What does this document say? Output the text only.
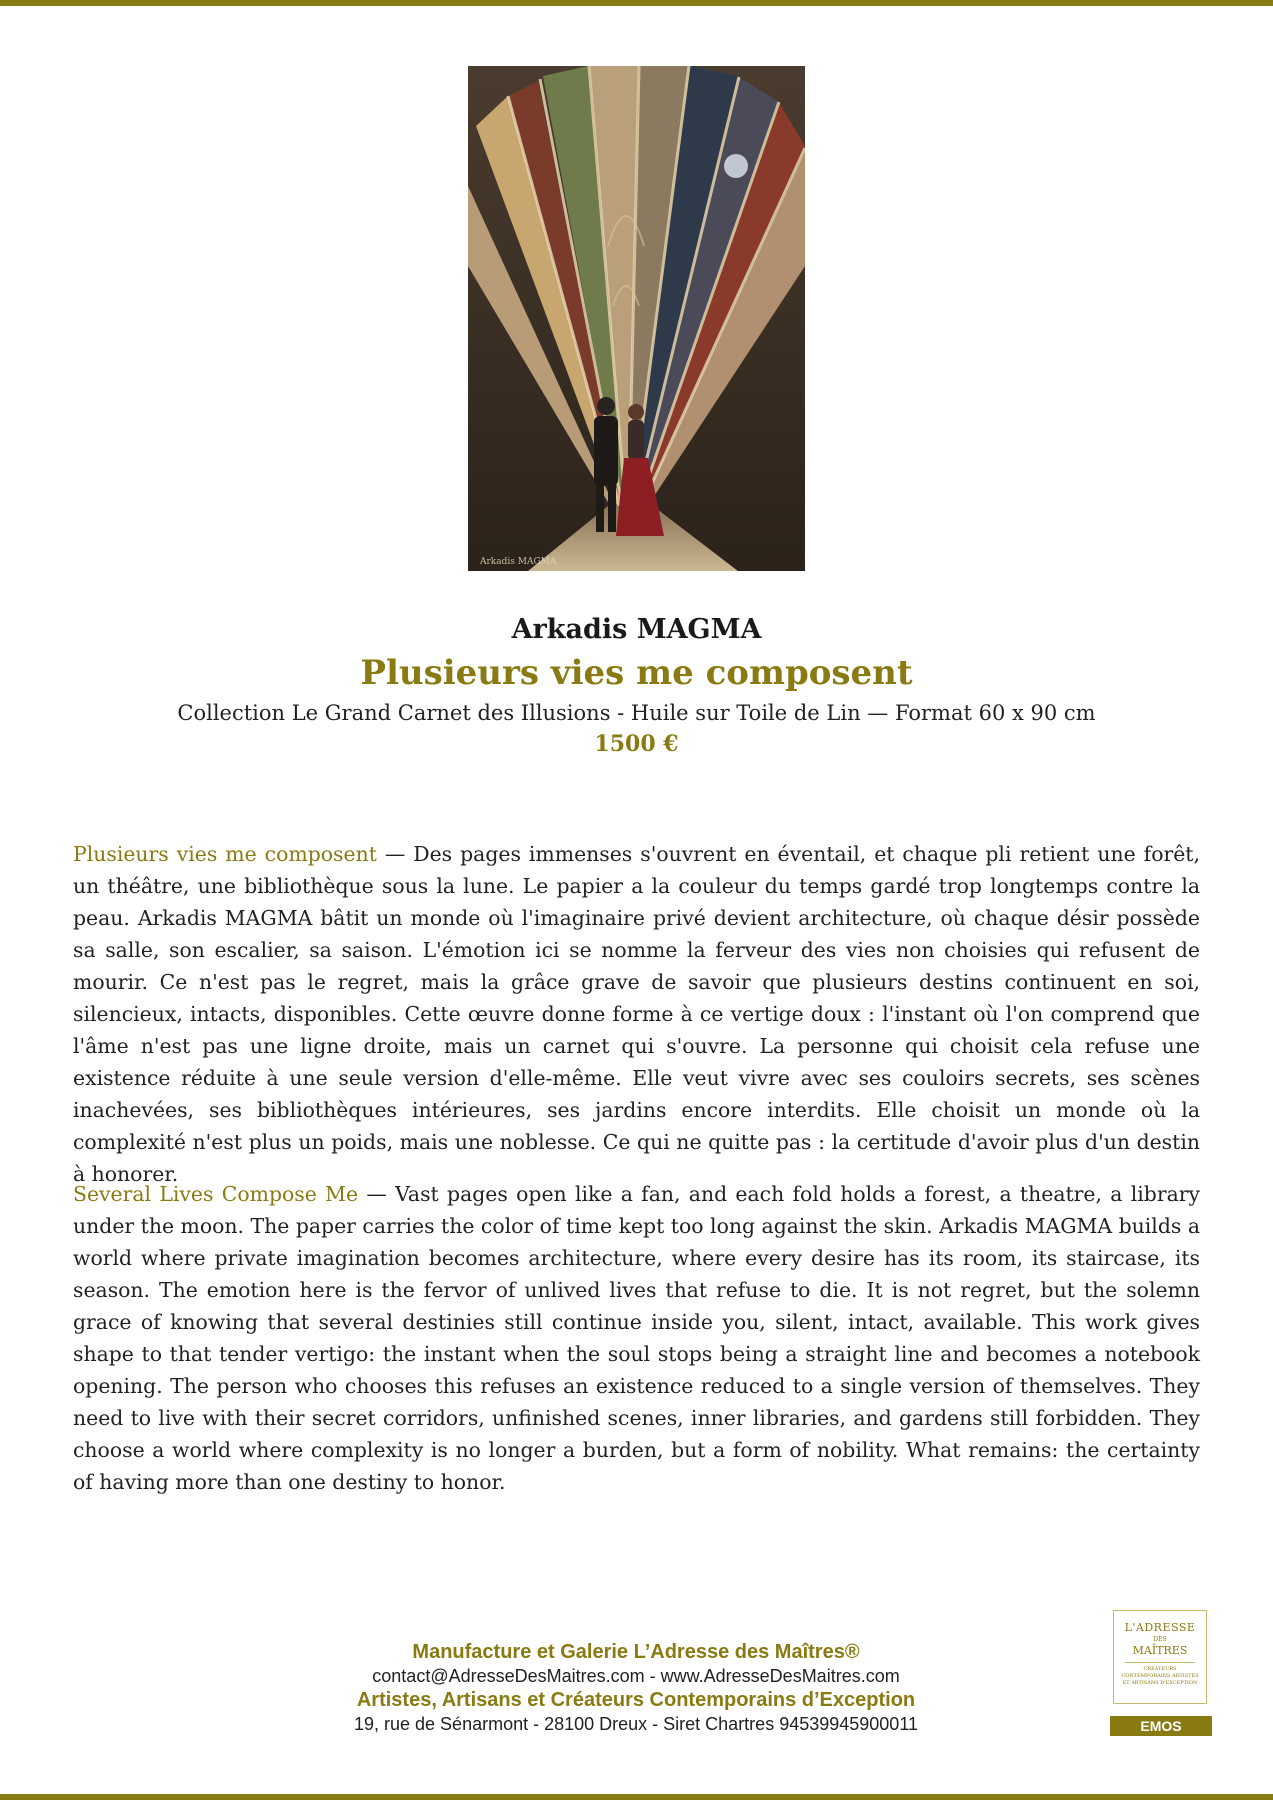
Arkadis MAGMA
Arkadis MAGMA
Plusieurs vies me composent
Collection Le Grand Carnet des Illusions - Huile sur Toile de Lin — Format 60 x 90 cm
1500 €

Plusieurs vies me composent — Des pages immenses s'ouvrent en éventail, et chaque pli retient une forêt, un théâtre, une bibliothèque sous la lune. Le papier a la couleur du temps gardé trop longtemps contre la peau. Arkadis MAGMA bâtit un monde où l'imaginaire privé devient architecture, où chaque désir possède sa salle, son escalier, sa saison. L'émotion ici se nomme la ferveur des vies non choisies qui refusent de mourir. Ce n'est pas le regret, mais la grâce grave de savoir que plusieurs destins continuent en soi, silencieux, intacts, disponibles. Cette œuvre donne forme à ce vertige doux : l'instant où l'on comprend que l'âme n'est pas une ligne droite, mais un carnet qui s'ouvre. La personne qui choisit cela refuse une existence réduite à une seule version d'elle-même. Elle veut vivre avec ses couloirs secrets, ses scènes inachevées, ses bibliothèques intérieures, ses jardins encore interdits. Elle choisit un monde où la complexité n'est plus un poids, mais une noblesse. Ce qui ne quitte pas : la certitude d'avoir plus d'un destin à honorer.

Several Lives Compose Me — Vast pages open like a fan, and each fold holds a forest, a theatre, a library under the moon. The paper carries the color of time kept too long against the skin. Arkadis MAGMA builds a world where private imagination becomes architecture, where every desire has its room, its staircase, its season. The emotion here is the fervor of unlived lives that refuse to die. It is not regret, but the solemn grace of knowing that several destinies still continue inside you, silent, intact, available. This work gives shape to that tender vertigo: the instant when the soul stops being a straight line and becomes a notebook opening. The person who chooses this refuses an existence reduced to a single version of themselves. They need to live with their secret corridors, unfinished scenes, inner libraries, and gardens still forbidden. They choose a world where complexity is no longer a burden, but a form of nobility. What remains: the certainty of having more than one destiny to honor.

Manufacture et Galerie L’Adresse des Maîtres®
contact@AdresseDesMaitres.com - www.AdresseDesMaitres.com
Artistes, Artisans et Créateurs Contemporains d’Exception
19, rue de Sénarmont - 28100 Dreux - Siret Chartres 94539945900011
L'ADRESSE
DES
MAÎTRES
CRÉATEURS CONTEMPORAINS ARTISTES ET ARTISANS D'EXCEPTION
EMOS
